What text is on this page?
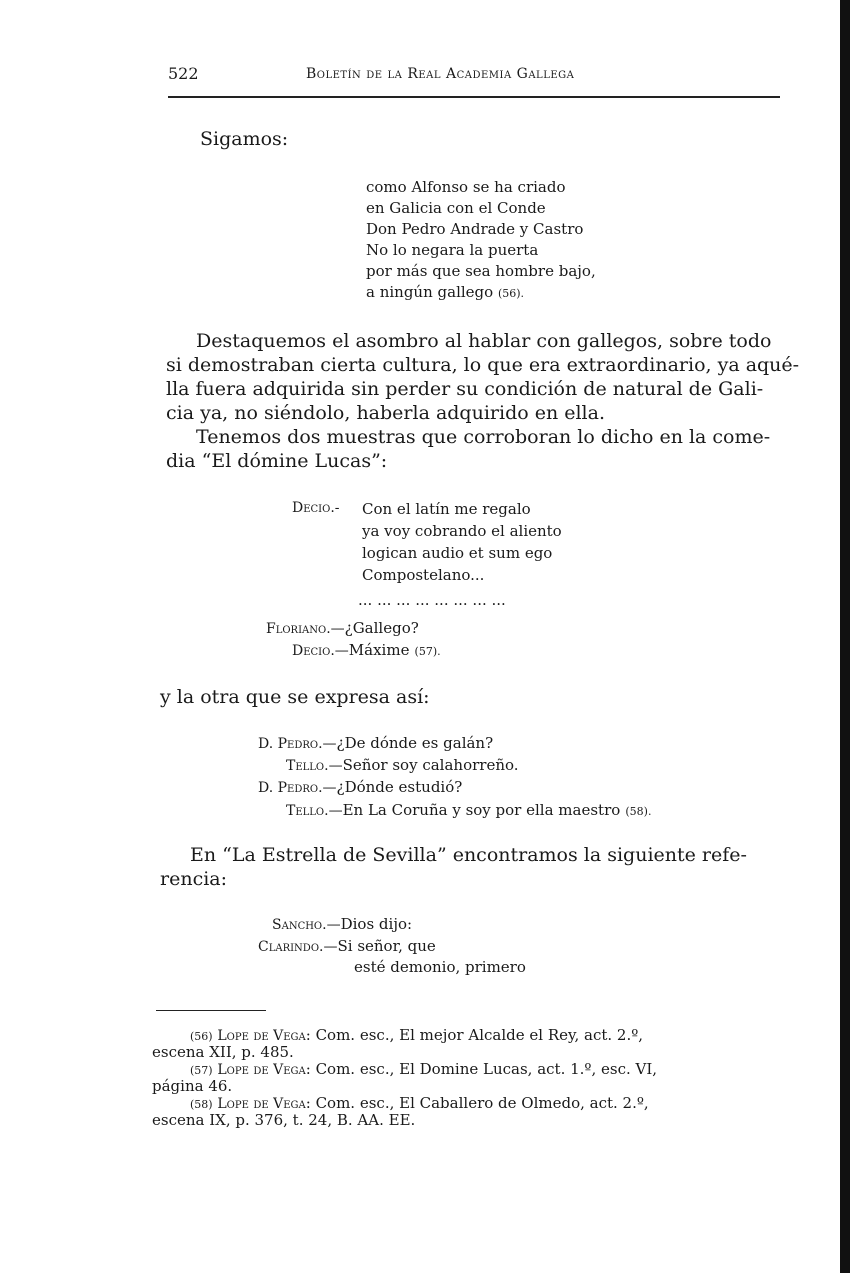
522	Boletín de la Real Academia Gallega
Sigamos:
como Alfonso se ha criado
en Galicia con el Conde
Don Pedro Andrade y Castro
No lo negara la puerta
por más que sea hombre bajo,
a ningún gallego (56).
Destaquemos el asombro al hablar con gallegos, sobre todo
si demostraban cierta cultura, lo que era extraordinario, ya aqué-
lla fuera adquirida sin perder su condición de natural de Gali-
cia ya, no siéndolo, haberla adquirido en ella.
Tenemos dos muestras que corroboran lo dicho en la come-
dia “El dómine Lucas”:
Decio.- Con el latín me regalo
ya voy cobrando el aliento
logican audio et sum ego
Compostelano...
... ... ... ... ... ... ... ...
Floriano.—¿Gallego?
Decio.—Máxime (57).
y la otra que se expresa así:
D. Pedro.—¿De dónde es galán?
Tello.—Señor soy calahorreño.
D. Pedro.—¿Dónde estudió?
Tello.—En La Coruña y soy por ella maestro (58).
En “La Estrella de Sevilla” encontramos la siguiente refe-
rencia:
Sancho.—Dios dijo:
Clarindo.—Si señor, que
esté demonio, primero
(56) Lope de Vega: Com. esc., El mejor Alcalde el Rey, act. 2.º,
escena XII, p. 485.
(57) Lope de Vega: Com. esc., El Domine Lucas, act. 1.º, esc. VI,
página 46.
(58) Lope de Vega: Com. esc., El Caballero de Olmedo, act. 2.º,
escena IX, p. 376, t. 24, B. AA. EE.
